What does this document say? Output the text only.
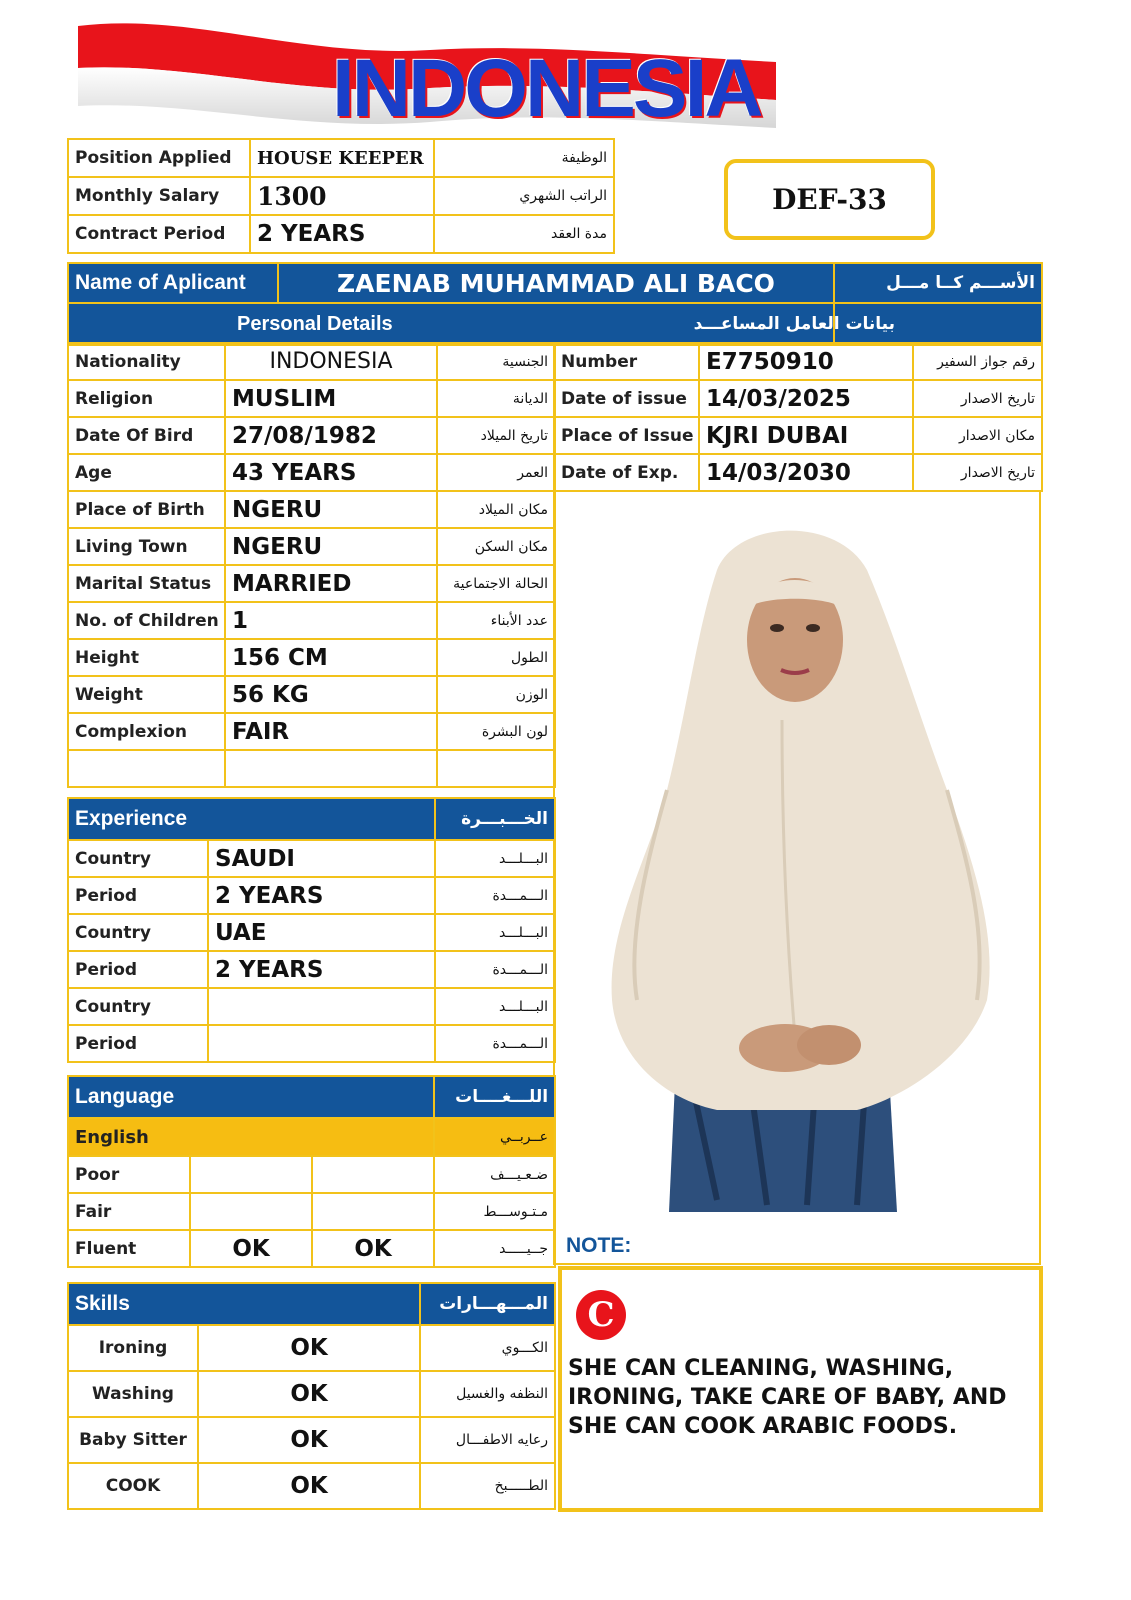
INDONESIA
Position Applied	HOUSE KEEPER	الوظيفة
Monthly Salary	1300	الراتب الشهري
Contract Period	2 YEARS	مدة العقد
DEF-33
Name of Aplicant	ZAENAB MUHAMMAD ALI BACO	الأســـم كــا مـــل

Personal Details		بيانات العامل المساعـــد
Nationality	INDONESIA	الجنسية
Religion	MUSLIM	الديانة
Date Of Bird	27/08/1982	تاريخ الميلاد
Age	43 YEARS	العمر
Place of Birth	NGERU	مكان الميلاد
Living Town	NGERU	مكان السكن
Marital Status	MARRIED	الحالة الاجتماعية
No. of Children	1	عدد الأبناء
Height	156 CM	الطول
Weight	56 KG	الوزن
Complexion	FAIR	لون البشرة

Number	E7750910	رقم جواز السفير
Date of issue	14/03/2025	تاريخ الاصدار
Place of Issue	KJRI DUBAI	مكان الاصدار
Date of Exp.	14/03/2030	تاريخ الاصدار
NOTE:
C
SHE CAN CLEANING, WASHING, IRONING, TAKE CARE OF BABY, AND SHE CAN COOK ARABIC FOODS.
Experience		الخـــبـــرة
Country	SAUDI	البـــلـــد
Period	2 YEARS	الـــمـــدة
Country	UAE	البـــلـــد
Period	2 YEARS	الـــمـــدة
Country		البـــلـــد
Period		الـــمـــدة
Language			اللـــغــــات
English			عــربــي
Poor			ضـعـيـــف
Fair			مـتـوســـط
Fluent	OK	OK	جــيـــــد
Skills		المـــهـــارات
Ironing	OK	الكـــوي
Washing	OK	النظفه والغسيل
Baby Sitter	OK	رعايه الاطفـــال
COOK	OK	الطـــــبخ
